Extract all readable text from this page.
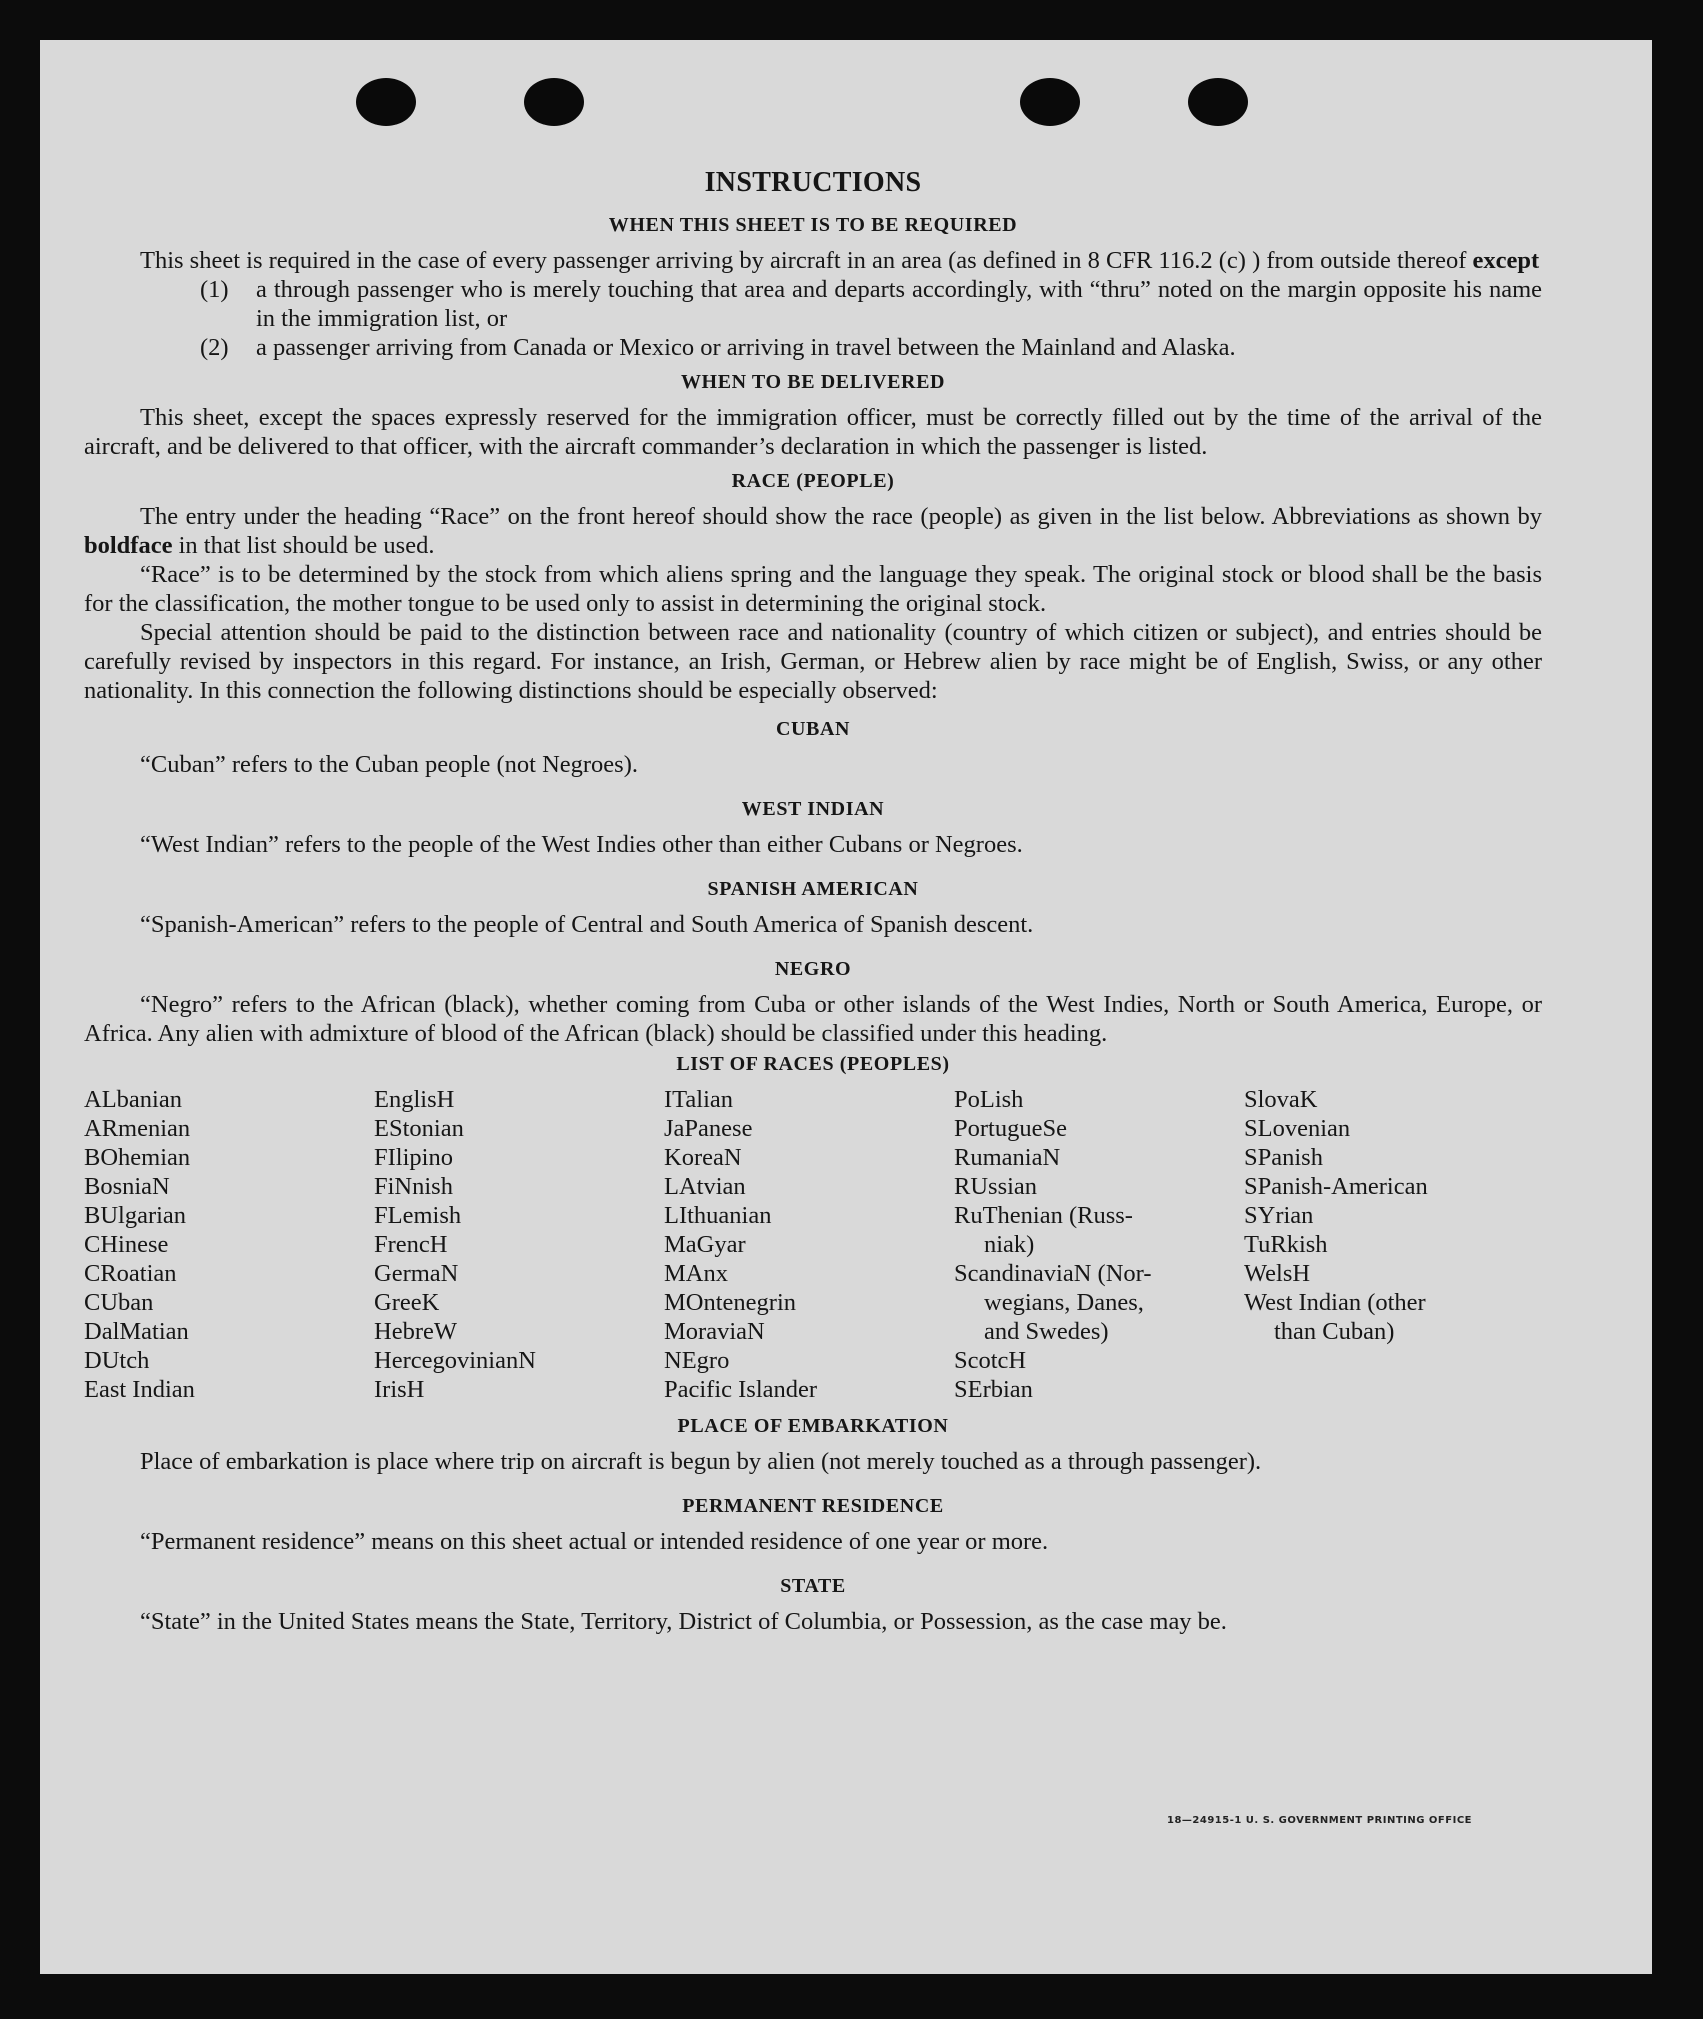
INSTRUCTIONS
WHEN THIS SHEET IS TO BE REQUIRED

This sheet is required in the case of every passenger arriving by aircraft in an area (as defined in 8 CFR 116.2 (c) ) from outside thereof except

(1)	a through passenger who is merely touching that area and departs accordingly, with “thru” noted on the margin opposite his name in the immigration list, or
(2)	a passenger arriving from Canada or Mexico or arriving in travel between the Mainland and Alaska.
WHEN TO BE DELIVERED

This sheet, except the spaces expressly reserved for the immigration officer, must be correctly filled out by the time of the arrival of the aircraft, and be delivered to that officer, with the aircraft commander’s declaration in which the passenger is listed.

RACE (PEOPLE)

The entry under the heading “Race” on the front hereof should show the race (people) as given in the list below. Abbreviations as shown by boldface in that list should be used.

“Race” is to be determined by the stock from which aliens spring and the language they speak. The original stock or blood shall be the basis for the classification, the mother tongue to be used only to assist in determining the original stock.

Special attention should be paid to the distinction between race and nationality (country of which citizen or subject), and entries should be carefully revised by inspectors in this regard. For instance, an Irish, German, or Hebrew alien by race might be of English, Swiss, or any other nationality. In this connection the following distinctions should be especially observed:

CUBAN

“Cuban” refers to the Cuban people (not Negroes).

WEST INDIAN

“West Indian” refers to the people of the West Indies other than either Cubans or Negroes.

SPANISH AMERICAN

“Spanish-American” refers to the people of Central and South America of Spanish descent.

NEGRO

“Negro” refers to the African (black), whether coming from Cuba or other islands of the West Indies, North or South America, Europe, or Africa. Any alien with admixture of blood of the African (black) should be classified under this heading.

LIST OF RACES (PEOPLES)
ALbanian
ARmenian
BOhemian
BosniaN
BUlgarian
CHinese
CRoatian
CUban
DalMatian
DUtch
East Indian
EnglisH
EStonian
FIlipino
FiNnish
FLemish
FrencH
GermaN
GreeK
HebreW
HercegovinianN
IrisH
ITalian
JaPanese
KoreaN
LAtvian
LIthuanian
MaGyar
MAnx
MOntenegrin
MoraviaN
NEgro
Pacific Islander
PoLish
PortugueSe
RumaniaN
RUssian
RuThenian (Russ-
niak)
ScandinaviaN (Nor-
wegians, Danes,
and Swedes)
ScotcH
SErbian
SlovaK
SLovenian
SPanish
SPanish-American
SYrian
TuRkish
WelsH
West Indian (other
than Cuban)
PLACE OF EMBARKATION

Place of embarkation is place where trip on aircraft is begun by alien (not merely touched as a through passenger).

PERMANENT RESIDENCE

“Permanent residence” means on this sheet actual or intended residence of one year or more.

STATE

“State” in the United States means the State, Territory, District of Columbia, or Possession, as the case may be.

18—24915-1 U. S. GOVERNMENT PRINTING OFFICE
